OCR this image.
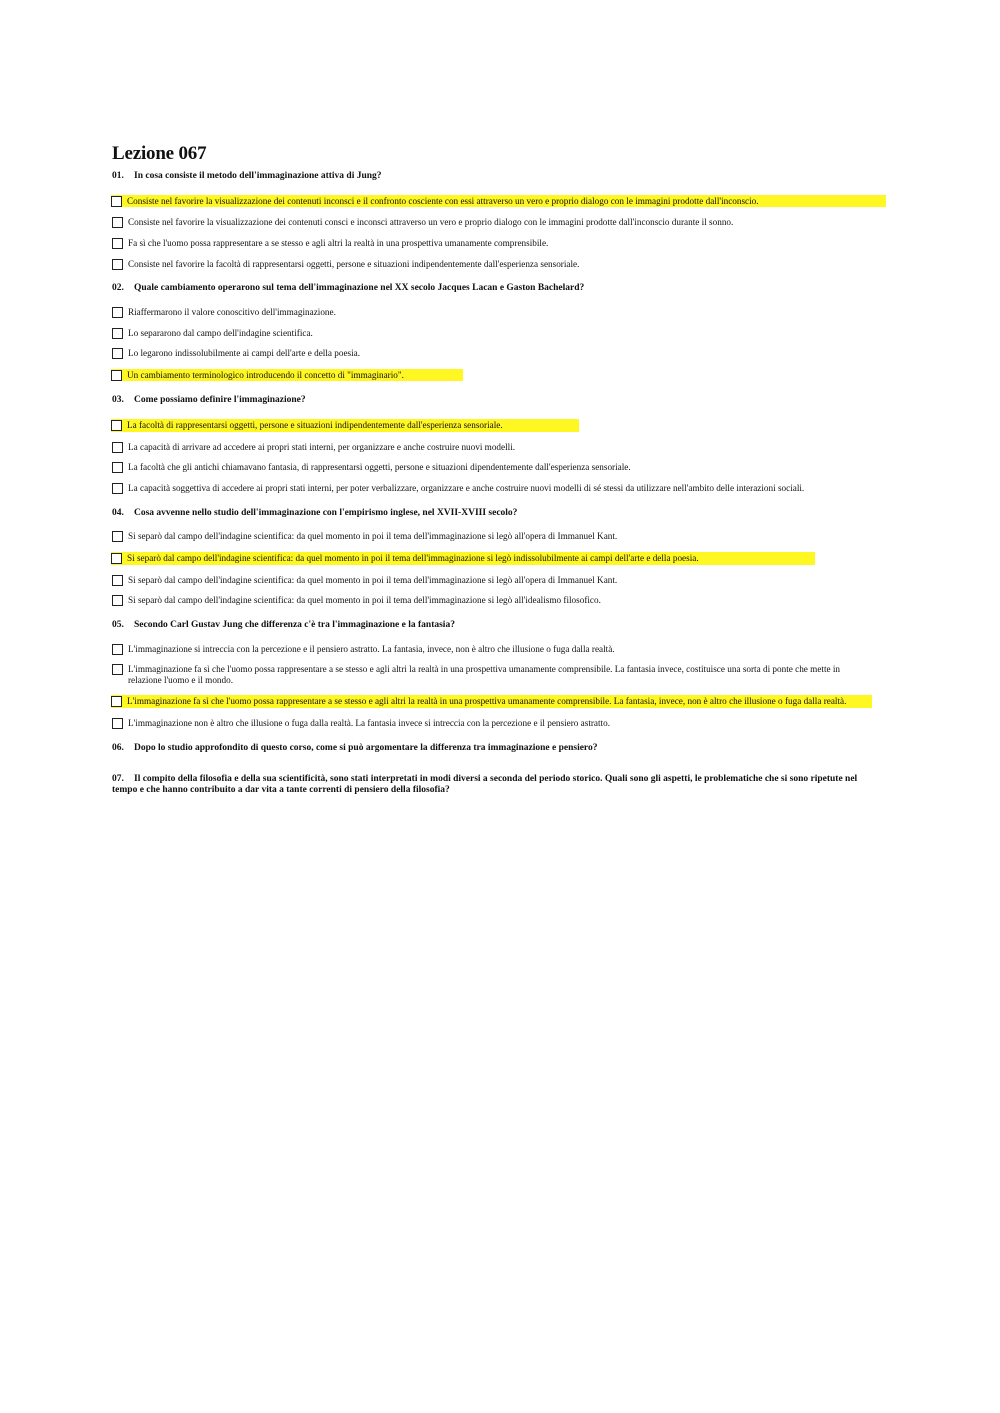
Lezione 067
01. In cosa consiste il metodo dell'immaginazione attiva di Jung?
Consiste nel favorire la visualizzazione dei contenuti inconsci e il confronto cosciente con essi attraverso un vero e proprio dialogo con le immagini prodotte dall'inconscio.
Consiste nel favorire la visualizzazione dei contenuti consci e inconsci attraverso un vero e proprio dialogo con le immagini prodotte dall'inconscio durante il sonno.
Fa sì che l'uomo possa rappresentare a se stesso e agli altri la realtà in una prospettiva umanamente comprensibile.
Consiste nel favorire la facoltà di rappresentarsi oggetti, persone e situazioni indipendentemente dall'esperienza sensoriale.
02. Quale cambiamento operarono sul tema dell'immaginazione nel XX secolo Jacques Lacan e Gaston Bachelard?
Riaffermarono il valore conoscitivo dell'immaginazione.
Lo separarono dal campo dell'indagine scientifica.
Lo legarono indissolubilmente ai campi dell'arte e della poesia.
Un cambiamento terminologico introducendo il concetto di "immaginario".
03. Come possiamo definire l'immaginazione?
La facoltà di rappresentarsi oggetti, persone e situazioni indipendentemente dall'esperienza sensoriale.
La capacità di arrivare ad accedere ai propri stati interni, per organizzare e anche costruire nuovi modelli.
La facoltà che gli antichi chiamavano fantasia, di rappresentarsi oggetti, persone e situazioni dipendentemente dall'esperienza sensoriale.
La capacità soggettiva di accedere ai propri stati interni, per poter verbalizzare, organizzare e anche costruire nuovi modelli di sé stessi da utilizzare nell'ambito delle interazioni sociali.
04. Cosa avvenne nello studio dell'immaginazione con l'empirismo inglese, nel XVII-XVIII secolo?
Si separò dal campo dell'indagine scientifica: da quel momento in poi il tema dell'immaginazione si legò all'opera di Immanuel Kant.
Si separò dal campo dell'indagine scientifica: da quel momento in poi il tema dell'immaginazione si legò indissolubilmente ai campi dell'arte e della poesia.
Si separò dal campo dell'indagine scientifica: da quel momento in poi il tema dell'immaginazione si legò all'opera di Immanuel Kant.
Si separò dal campo dell'indagine scientifica: da quel momento in poi il tema dell'immaginazione si legò all'idealismo filosofico.
05. Secondo Carl Gustav Jung che differenza c'è tra l'immaginazione e la fantasia?
L'immaginazione si intreccia con la percezione e il pensiero astratto. La fantasia, invece, non è altro che illusione o fuga dalla realtà.
L'immaginazione fa sì che l'uomo possa rappresentare a se stesso e agli altri la realtà in una prospettiva umanamente comprensibile. La fantasia invece, costituisce una sorta di ponte che mette in relazione l'uomo e il mondo.
L'immaginazione fa sì che l'uomo possa rappresentare a se stesso e agli altri la realtà in una prospettiva umanamente comprensibile. La fantasia, invece, non è altro che illusione o fuga dalla realtà.
L'immaginazione non è altro che illusione o fuga dalla realtà. La fantasia invece si intreccia con la percezione e il pensiero astratto.
06. Dopo lo studio approfondito di questo corso, come si può argomentare la differenza tra immaginazione e pensiero?
07. Il compito della filosofia e della sua scientificità, sono stati interpretati in modi diversi a seconda del periodo storico. Quali sono gli aspetti, le problematiche che si sono ripetute nel tempo e che hanno contribuito a dar vita a tante correnti di pensiero della filosofia?
